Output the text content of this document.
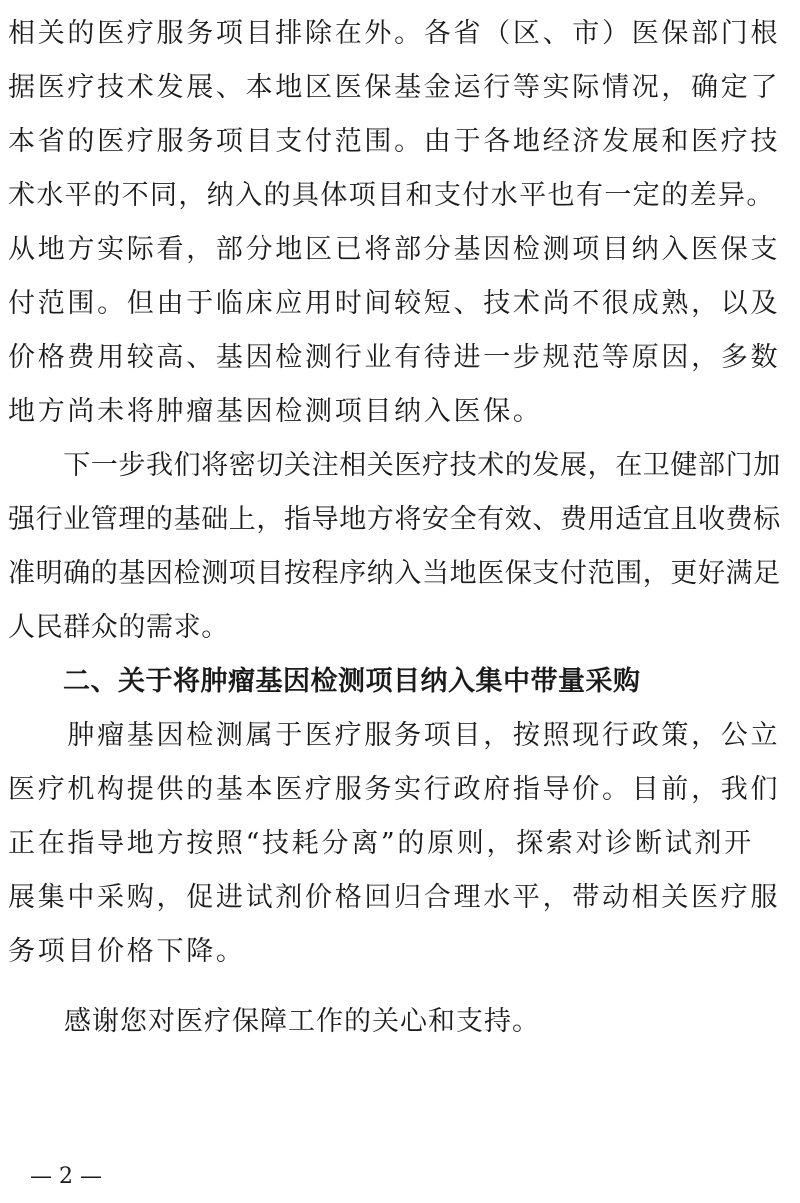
相关的医疗服务项目排除在外。各省（区、市）医保部门根
据医疗技术发展、本地区医保基金运行等实际情况，确定了
本省的医疗服务项目支付范围。由于各地经济发展和医疗技
术水平的不同，纳入的具体项目和支付水平也有一定的差异。
从地方实际看，部分地区已将部分基因检测项目纳入医保支
付范围。但由于临床应用时间较短、技术尚不很成熟，以及
价格费用较高、基因检测行业有待进一步规范等原因，多数
地方尚未将肿瘤基因检测项目纳入医保。
　　下一步我们将密切关注相关医疗技术的发展，在卫健部门加
强行业管理的基础上，指导地方将安全有效、费用适宜且收费标
准明确的基因检测项目按程序纳入当地医保支付范围，更好满足
人民群众的需求。
　　二、关于将肿瘤基因检测项目纳入集中带量采购
　　肿瘤基因检测属于医疗服务项目，按照现行政策，公立
医疗机构提供的基本医疗服务实行政府指导价。目前，我们
正在指导地方按照“技耗分离”的原则，探索对诊断试剂开
展集中采购，促进试剂价格回归合理水平，带动相关医疗服
务项目价格下降。
　　感谢您对医疗保障工作的关心和支持。
— 2 —
